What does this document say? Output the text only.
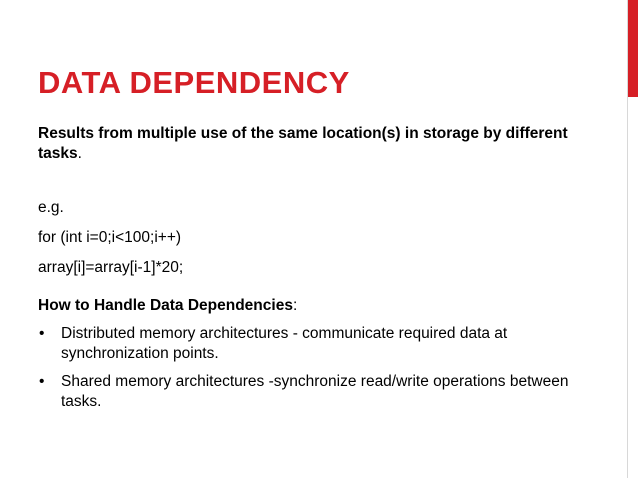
DATA DEPENDENCY

Results from multiple use of the same location(s) in storage by different tasks.

e.g.

for (int i=0;i<100;i++)

array[i]=array[i-1]*20;

How to Handle Data Dependencies:

• Distributed memory architectures - communicate required data at synchronization points.
• Shared memory architectures -synchronize read/write operations between tasks.
